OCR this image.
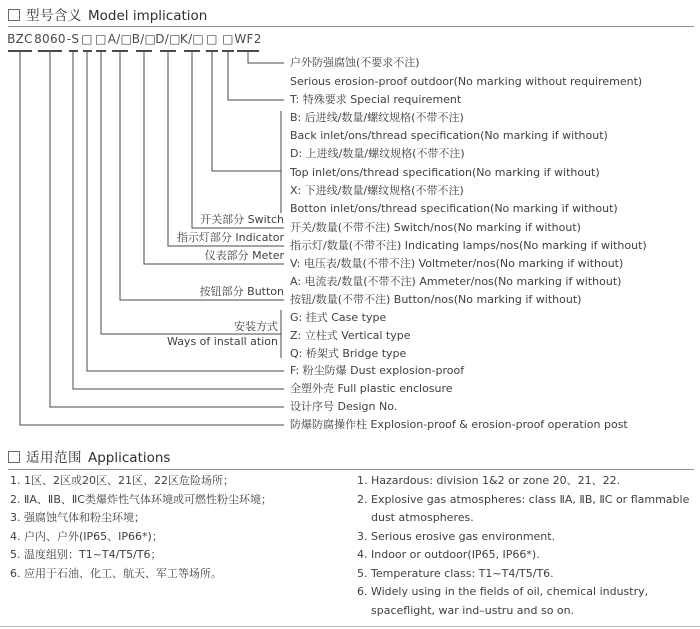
型号含义 Model implication
BZC 8060 -S □ □ A/□ B/□
D/□ K/□ □ □ WF2
户外防强腐蚀(不要求不注)
Serious erosion-proof outdoor(No marking without requirement)
T: 特殊要求 Special requirement
B: 后进线/数量/螺纹规格(不带不注)
Back inlet/ons/thread specification(No marking if without)
D: 上进线/数量/螺纹规格(不带不注)
Top inlet/ons/thread specification(No marking if without)
X: 下进线/数量/螺纹规格(不带不注)
Botton inlet/ons/thread specification(No marking if without)
开关/数量(不带不注) Switch/nos(No marking if without)
指示灯/数量(不带不注) Indicating lamps/nos(No marking if without)
V: 电压表/数量(不带不注) Voltmeter/nos(No marking if without)
A: 电流表/数量(不带不注) Ammeter/nos(No marking if without)
按钮/数量(不带不注) Button/nos(No marking if without)
G: 挂式 Case type
Z: 立柱式 Vertical type
Q: 桥架式 Bridge type
F: 粉尘防爆 Dust explosion-proof
全塑外壳 Full plastic enclosure
设计序号 Design No.
防爆防腐操作柱 Explosion-proof & erosion-proof operation post
开关部分 Switch
指示灯部分 Indicator
仪表部分 Meter
按钮部分 Button
安装方式
Ways of install ation
适用范围 Applications
1. 1区、2区或20区、21区、22区危险场所；
2. ⅡA、ⅡB、ⅡC类爆炸性气体环境或可燃性粉尘环境；
3. 强腐蚀气体和粉尘环境；
4. 户内、户外(IP65、IP66*)；
5. 温度组别：T1~T4/T5/T6；
6. 应用于石油、化工、航天、军工等场所。
1. Hazardous: division 1&2 or zone 20、21、22.
2. Explosive gas atmospheres: class ⅡA, ⅡB, ⅡC or flammable dust atmospheres.
3. Serious erosive gas environment.
4. Indoor or outdoor(IP65, IP66*).
5. Temperature class: T1~T4/T5/T6.
6. Widely using in the fields of oil, chemical industry, spaceflight, war ind–ustru and so on.
